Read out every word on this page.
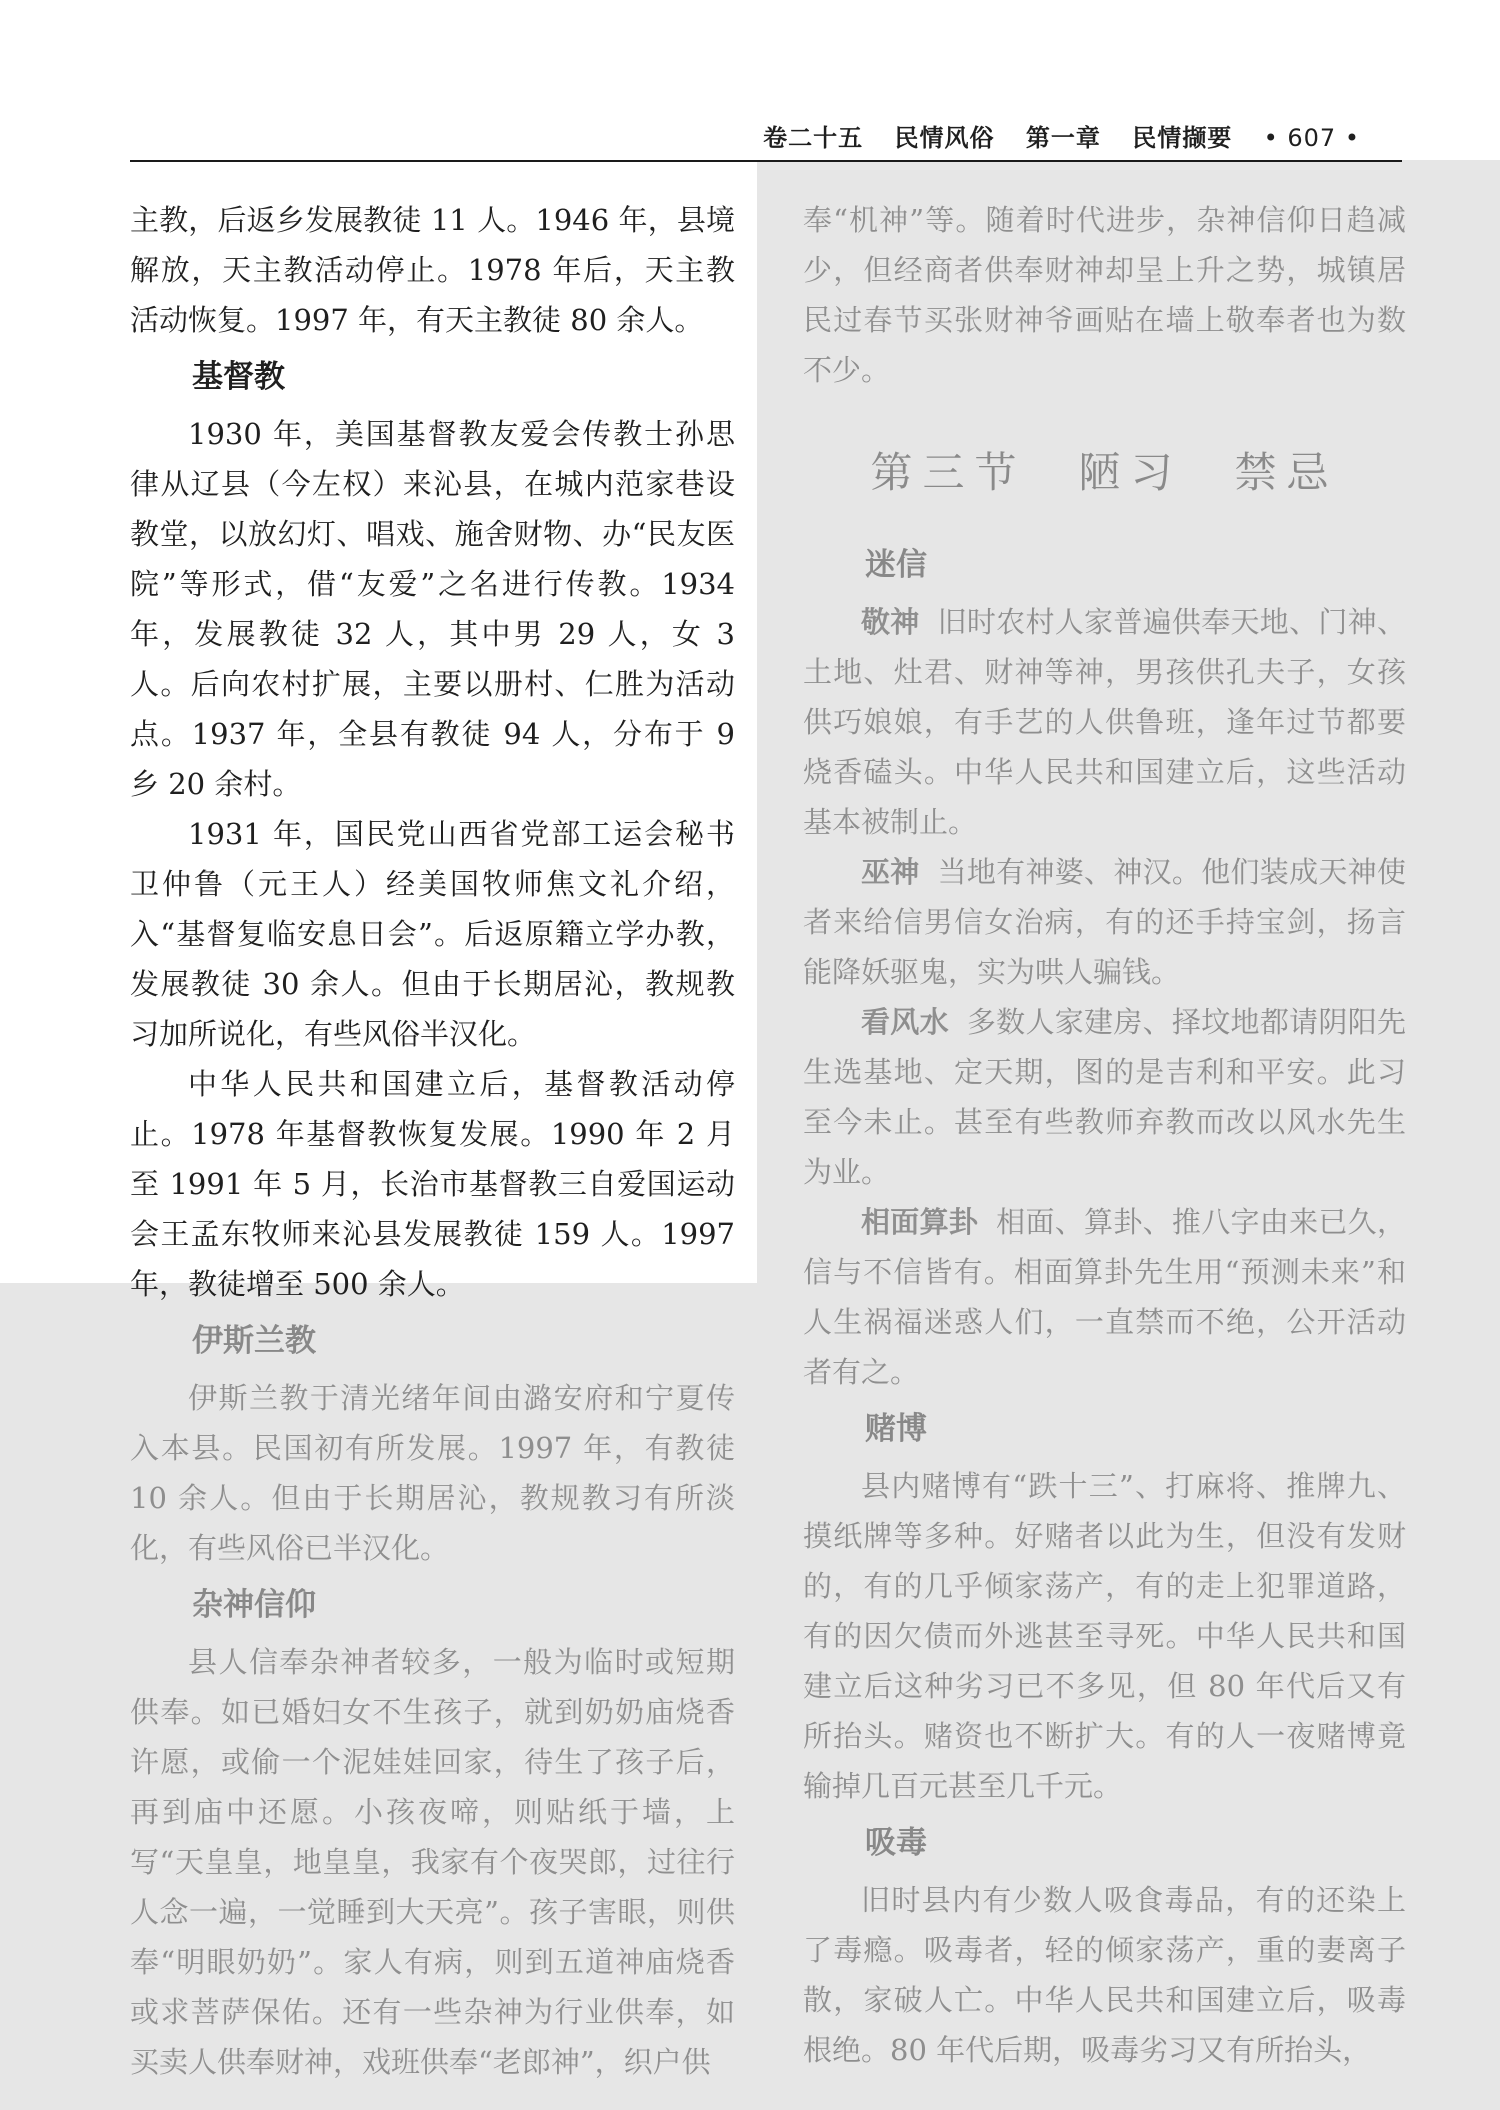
卷二十五 民情风俗 第一章 民情撷要 • 607 •

主教，后返乡发展教徒 11 人。1946 年，县境解放，天主教活动停止。1978 年后，天主教活动恢复。1997 年，有天主教徒 80 余人。

基督教

1930 年，美国基督教友爱会传教士孙思律从辽县（今左权）来沁县，在城内范家巷设教堂，以放幻灯、唱戏、施舍财物、办“民友医院”等形式，借“友爱”之名进行传教。1934 年，发展教徒 32 人，其中男 29 人，女 3 人。后向农村扩展，主要以册村、仁胜为活动点。1937 年，全县有教徒 94 人，分布于 9 乡 20 余村。

1931 年，国民党山西省党部工运会秘书卫仲鲁（元王人）经美国牧师焦文礼介绍，入“基督复临安息日会”。后返原籍立学办教，发展教徒 30 余人。但由于长期居沁，教规教习加所说化，有些风俗半汉化。

中华人民共和国建立后，基督教活动停止。1978 年基督教恢复发展。1990 年 2 月至 1991 年 5 月，长治市基督教三自爱国运动会王孟东牧师来沁县发展教徒 159 人。1997 年，教徒增至 500 余人。

伊斯兰教

伊斯兰教于清光绪年间由潞安府和宁夏传入本县。民国初有所发展。1997 年，有教徒 10 余人。但由于长期居沁，教规教习有所淡化，有些风俗已半汉化。

杂神信仰

县人信奉杂神者较多，一般为临时或短期供奉。如已婚妇女不生孩子，就到奶奶庙烧香许愿，或偷一个泥娃娃回家，待生了孩子后，再到庙中还愿。小孩夜啼，则贴纸于墙，上写“天皇皇，地皇皇，我家有个夜哭郎，过往行人念一遍，一觉睡到大天亮”。孩子害眼，则供奉“明眼奶奶”。家人有病，则到五道神庙烧香或求菩萨保佑。还有一些杂神为行业供奉，如买卖人供奉财神，戏班供奉“老郎神”，织户供

奉“机神”等。随着时代进步，杂神信仰日趋减少，但经商者供奉财神却呈上升之势，城镇居民过春节买张财神爷画贴在墙上敬奉者也为数不少。

第三节 陋习 禁忌
迷信

敬神 旧时农村人家普遍供奉天地、门神、土地、灶君、财神等神，男孩供孔夫子，女孩供巧娘娘，有手艺的人供鲁班，逢年过节都要烧香磕头。中华人民共和国建立后，这些活动基本被制止。

巫神 当地有神婆、神汉。他们装成天神使者来给信男信女治病，有的还手持宝剑，扬言能降妖驱鬼，实为哄人骗钱。

看风水 多数人家建房、择坟地都请阴阳先生选基地、定天期，图的是吉利和平安。此习至今未止。甚至有些教师弃教而改以风水先生为业。

相面算卦 相面、算卦、推八字由来已久，信与不信皆有。相面算卦先生用“预测未来”和人生祸福迷惑人们，一直禁而不绝，公开活动者有之。

赌博

县内赌博有“跌十三”、打麻将、推牌九、摸纸牌等多种。好赌者以此为生，但没有发财的，有的几乎倾家荡产，有的走上犯罪道路，有的因欠债而外逃甚至寻死。中华人民共和国建立后这种劣习已不多见，但 80 年代后又有所抬头。赌资也不断扩大。有的人一夜赌博竟输掉几百元甚至几千元。

吸毒

旧时县内有少数人吸食毒品，有的还染上了毒瘾。吸毒者，轻的倾家荡产，重的妻离子散，家破人亡。中华人民共和国建立后，吸毒根绝。80 年代后期，吸毒劣习又有所抬头，
